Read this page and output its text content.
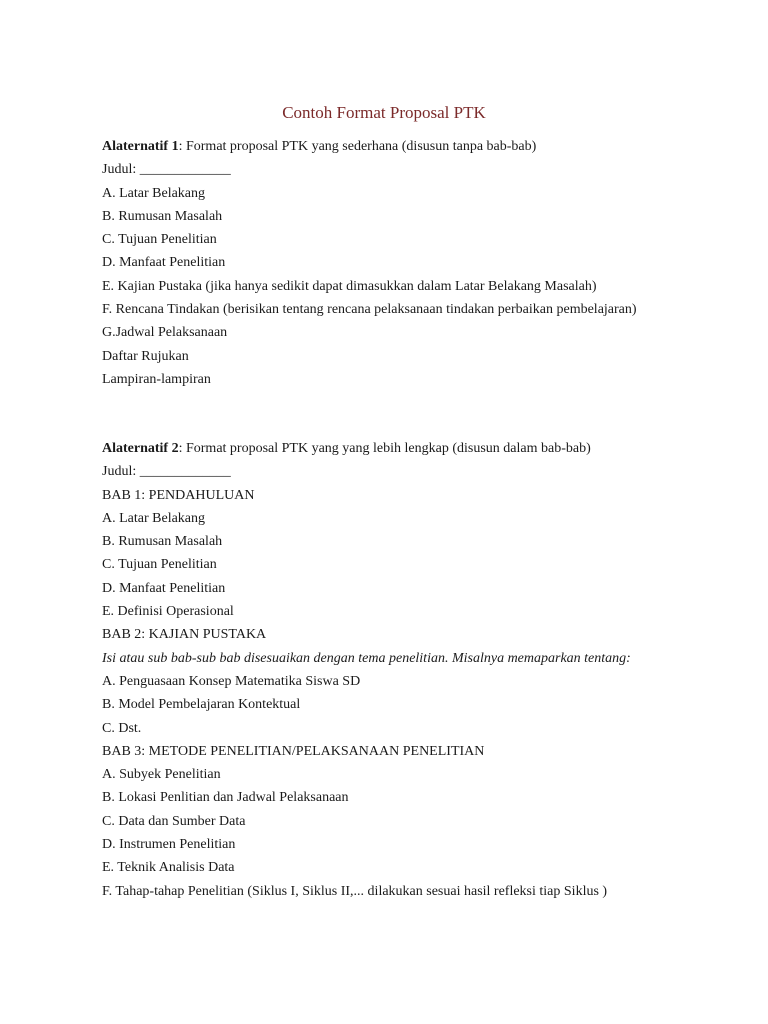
Contoh Format Proposal PTK
Alaternatif 1: Format proposal PTK yang sederhana (disusun tanpa bab-bab)
Judul: _____________
A. Latar Belakang
B. Rumusan Masalah
C. Tujuan Penelitian
D. Manfaat Penelitian
E. Kajian Pustaka (jika hanya sedikit dapat dimasukkan dalam Latar Belakang Masalah)
F. Rencana Tindakan (berisikan tentang rencana pelaksanaan tindakan perbaikan pembelajaran)
G.Jadwal Pelaksanaan
Daftar Rujukan
Lampiran-lampiran
Alaternatif 2: Format proposal PTK yang yang lebih lengkap (disusun dalam bab-bab)
Judul: _____________
BAB 1: PENDAHULUAN
A. Latar Belakang
B. Rumusan Masalah
C. Tujuan Penelitian
D. Manfaat Penelitian
E. Definisi Operasional
BAB 2: KAJIAN PUSTAKA
Isi atau sub bab-sub bab disesuaikan dengan tema penelitian. Misalnya memaparkan tentang:
A. Penguasaan Konsep Matematika Siswa SD
B. Model Pembelajaran Kontektual
C. Dst.
BAB 3: METODE PENELITIAN/PELAKSANAAN PENELITIAN
A. Subyek Penelitian
B. Lokasi Penlitian dan Jadwal Pelaksanaan
C. Data dan Sumber Data
D. Instrumen Penelitian
E. Teknik Analisis Data
F. Tahap-tahap Penelitian (Siklus I, Siklus II,... dilakukan sesuai hasil refleksi tiap Siklus )
